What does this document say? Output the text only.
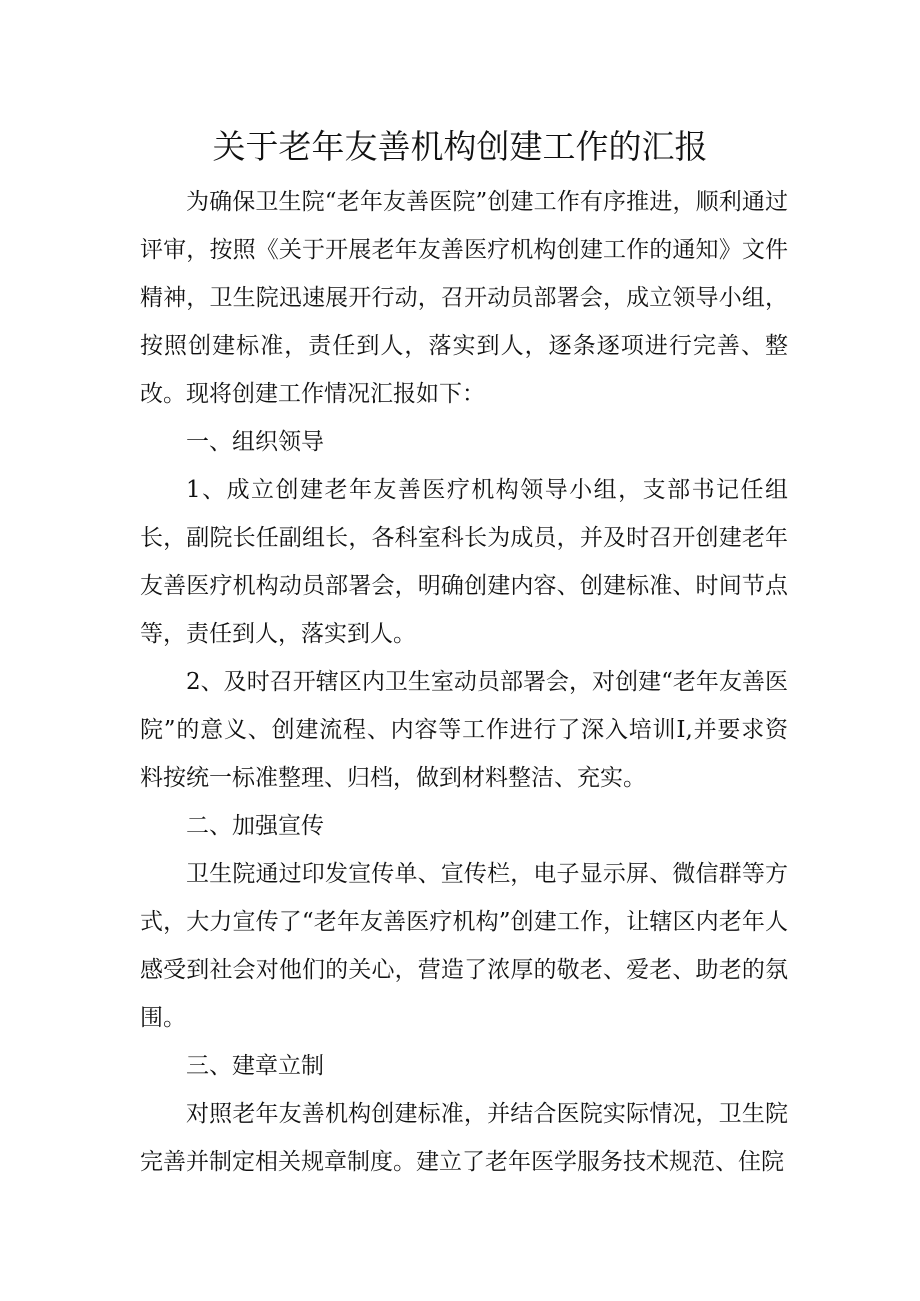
关于老年友善机构创建工作的汇报

为确保卫生院“老年友善医院”创建工作有序推进，顺利通过评审，按照《关于开展老年友善医疗机构创建工作的通知》文件精神，卫生院迅速展开行动，召开动员部署会，成立领导小组，按照创建标准，责任到人，落实到人，逐条逐项进行完善、整改。现将创建工作情况汇报如下：

一、组织领导

1、成立创建老年友善医疗机构领导小组，支部书记任组长，副院长任副组长，各科室科长为成员，并及时召开创建老年友善医疗机构动员部署会，明确创建内容、创建标准、时间节点等，责任到人，落实到人。

2、及时召开辖区内卫生室动员部署会，对创建“老年友善医院”的意义、创建流程、内容等工作进行了深入培训I,并要求资料按统一标准整理、归档，做到材料整洁、充实。

二、加强宣传

卫生院通过印发宣传单、宣传栏，电子显示屏、微信群等方式，大力宣传了“老年友善医疗机构”创建工作，让辖区内老年人感受到社会对他们的关心，营造了浓厚的敬老、爱老、助老的氛围。

三、建章立制

对照老年友善机构创建标准，并结合医院实际情况，卫生院完善并制定相关规章制度。建立了老年医学服务技术规范、住院
